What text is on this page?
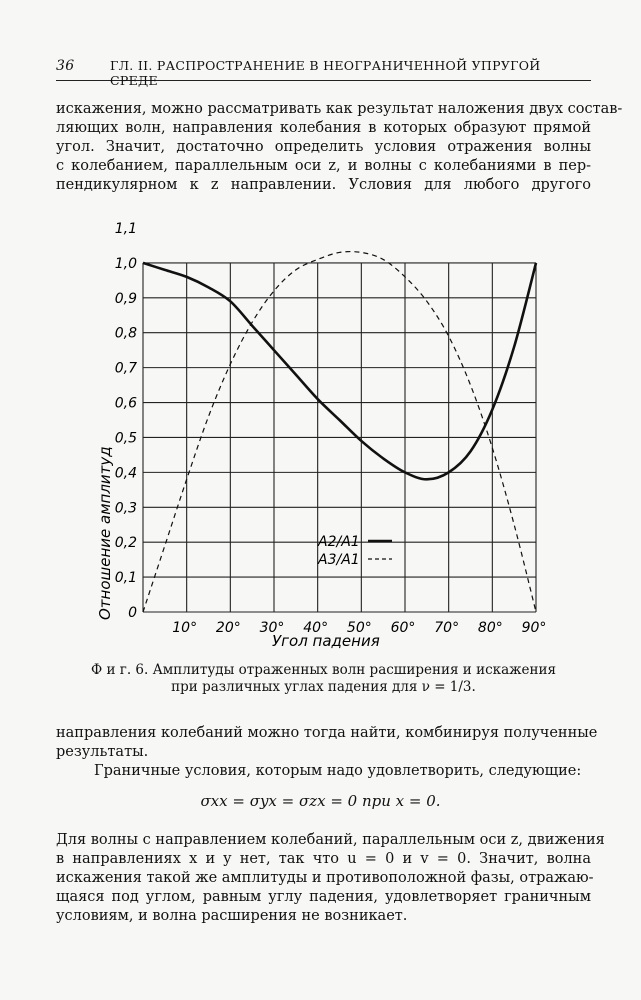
36	ГЛ. II. РАСПРОСТРАНЕНИЕ В НЕОГРАНИЧЕННОЙ УПРУГОЙ СРЕДЕ
искажения, можно рассматривать как результат наложения двух состав-
ляющих волн, направления колебания в которых образуют прямой
угол. Значит, достаточно определить условия отражения волны
с колебанием, параллельным оси z, и волны с колебаниями в пер-
пендикулярном к z направлении. Условия для любого другого
0
0,1
0,2
0,3
0,4
0,5
0,6
0,7
0,8
0,9
1,0
1,1
10° 20° 30° 40° 50° 60° 70° 80° 90°
Отношение амплитуд
Угол падения
A2/A1
A3/A1
Ф и г. 6. Амплитуды отраженных волн расширения и искажения
при различных углах падения для ν = 1/3.
направления колебаний можно тогда найти, комбинируя полученные
результаты.
Граничные условия, которым надо удовлетворить, следующие:
σxx = σyx = σzx = 0 при x = 0.
Для волны с направлением колебаний, параллельным оси z, движения
в направлениях x и y нет, так что u = 0 и v = 0. Значит, волна
искажения такой же амплитуды и противоположной фазы, отражаю-
щаяся под углом, равным углу падения, удовлетворяет граничным
условиям, и волна расширения не возникает.
